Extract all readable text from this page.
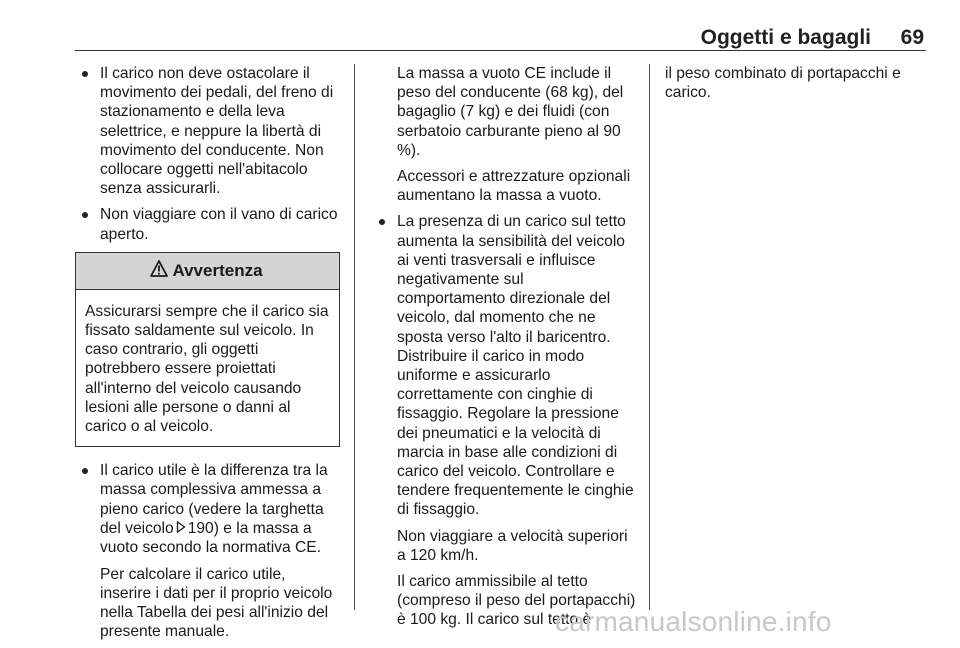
Oggetti e bagagli 69

Il carico non deve ostacolare il movimento dei pedali, del freno di stazionamento e della leva selettrice, e neppure la libertà di movimento del conducente. Non collocare oggetti nell'abitacolo senza assicurarli.

Non viaggiare con il vano di carico aperto.

Avvertenza
Assicurarsi sempre che il carico sia fissato saldamente sul veicolo. In caso contrario, gli oggetti potrebbero essere proiettati all'interno del veicolo causando lesioni alle persone o danni al carico o al veicolo.

Il carico utile è la differenza tra la massa complessiva ammessa a pieno carico (vedere la targhetta del veicolo 190) e la massa a vuoto secondo la normativa CE.

Per calcolare il carico utile, inserire i dati per il proprio veicolo nella Tabella dei pesi all'inizio del presente manuale.

La massa a vuoto CE include il peso del conducente (68 kg), del bagaglio (7 kg) e dei fluidi (con serbatoio carburante pieno al 90 %).

Accessori e attrezzature opzionali aumentano la massa a vuoto.

La presenza di un carico sul tetto aumenta la sensibilità del veicolo ai venti trasversali e influisce negativamente sul comportamento direzionale del veicolo, dal momento che ne sposta verso l'alto il baricentro. Distribuire il carico in modo uniforme e assicurarlo correttamente con cinghie di fissaggio. Regolare la pressione dei pneumatici e la velocità di marcia in base alle condizioni di carico del veicolo. Controllare e tendere frequentemente le cinghie di fissaggio.

Non viaggiare a velocità superiori a 120 km/h.

Il carico ammissibile al tetto (compreso il peso del portapacchi) è 100 kg. Il carico sul tetto è

il peso combinato di portapacchi e carico.

carmanualsonline.info
